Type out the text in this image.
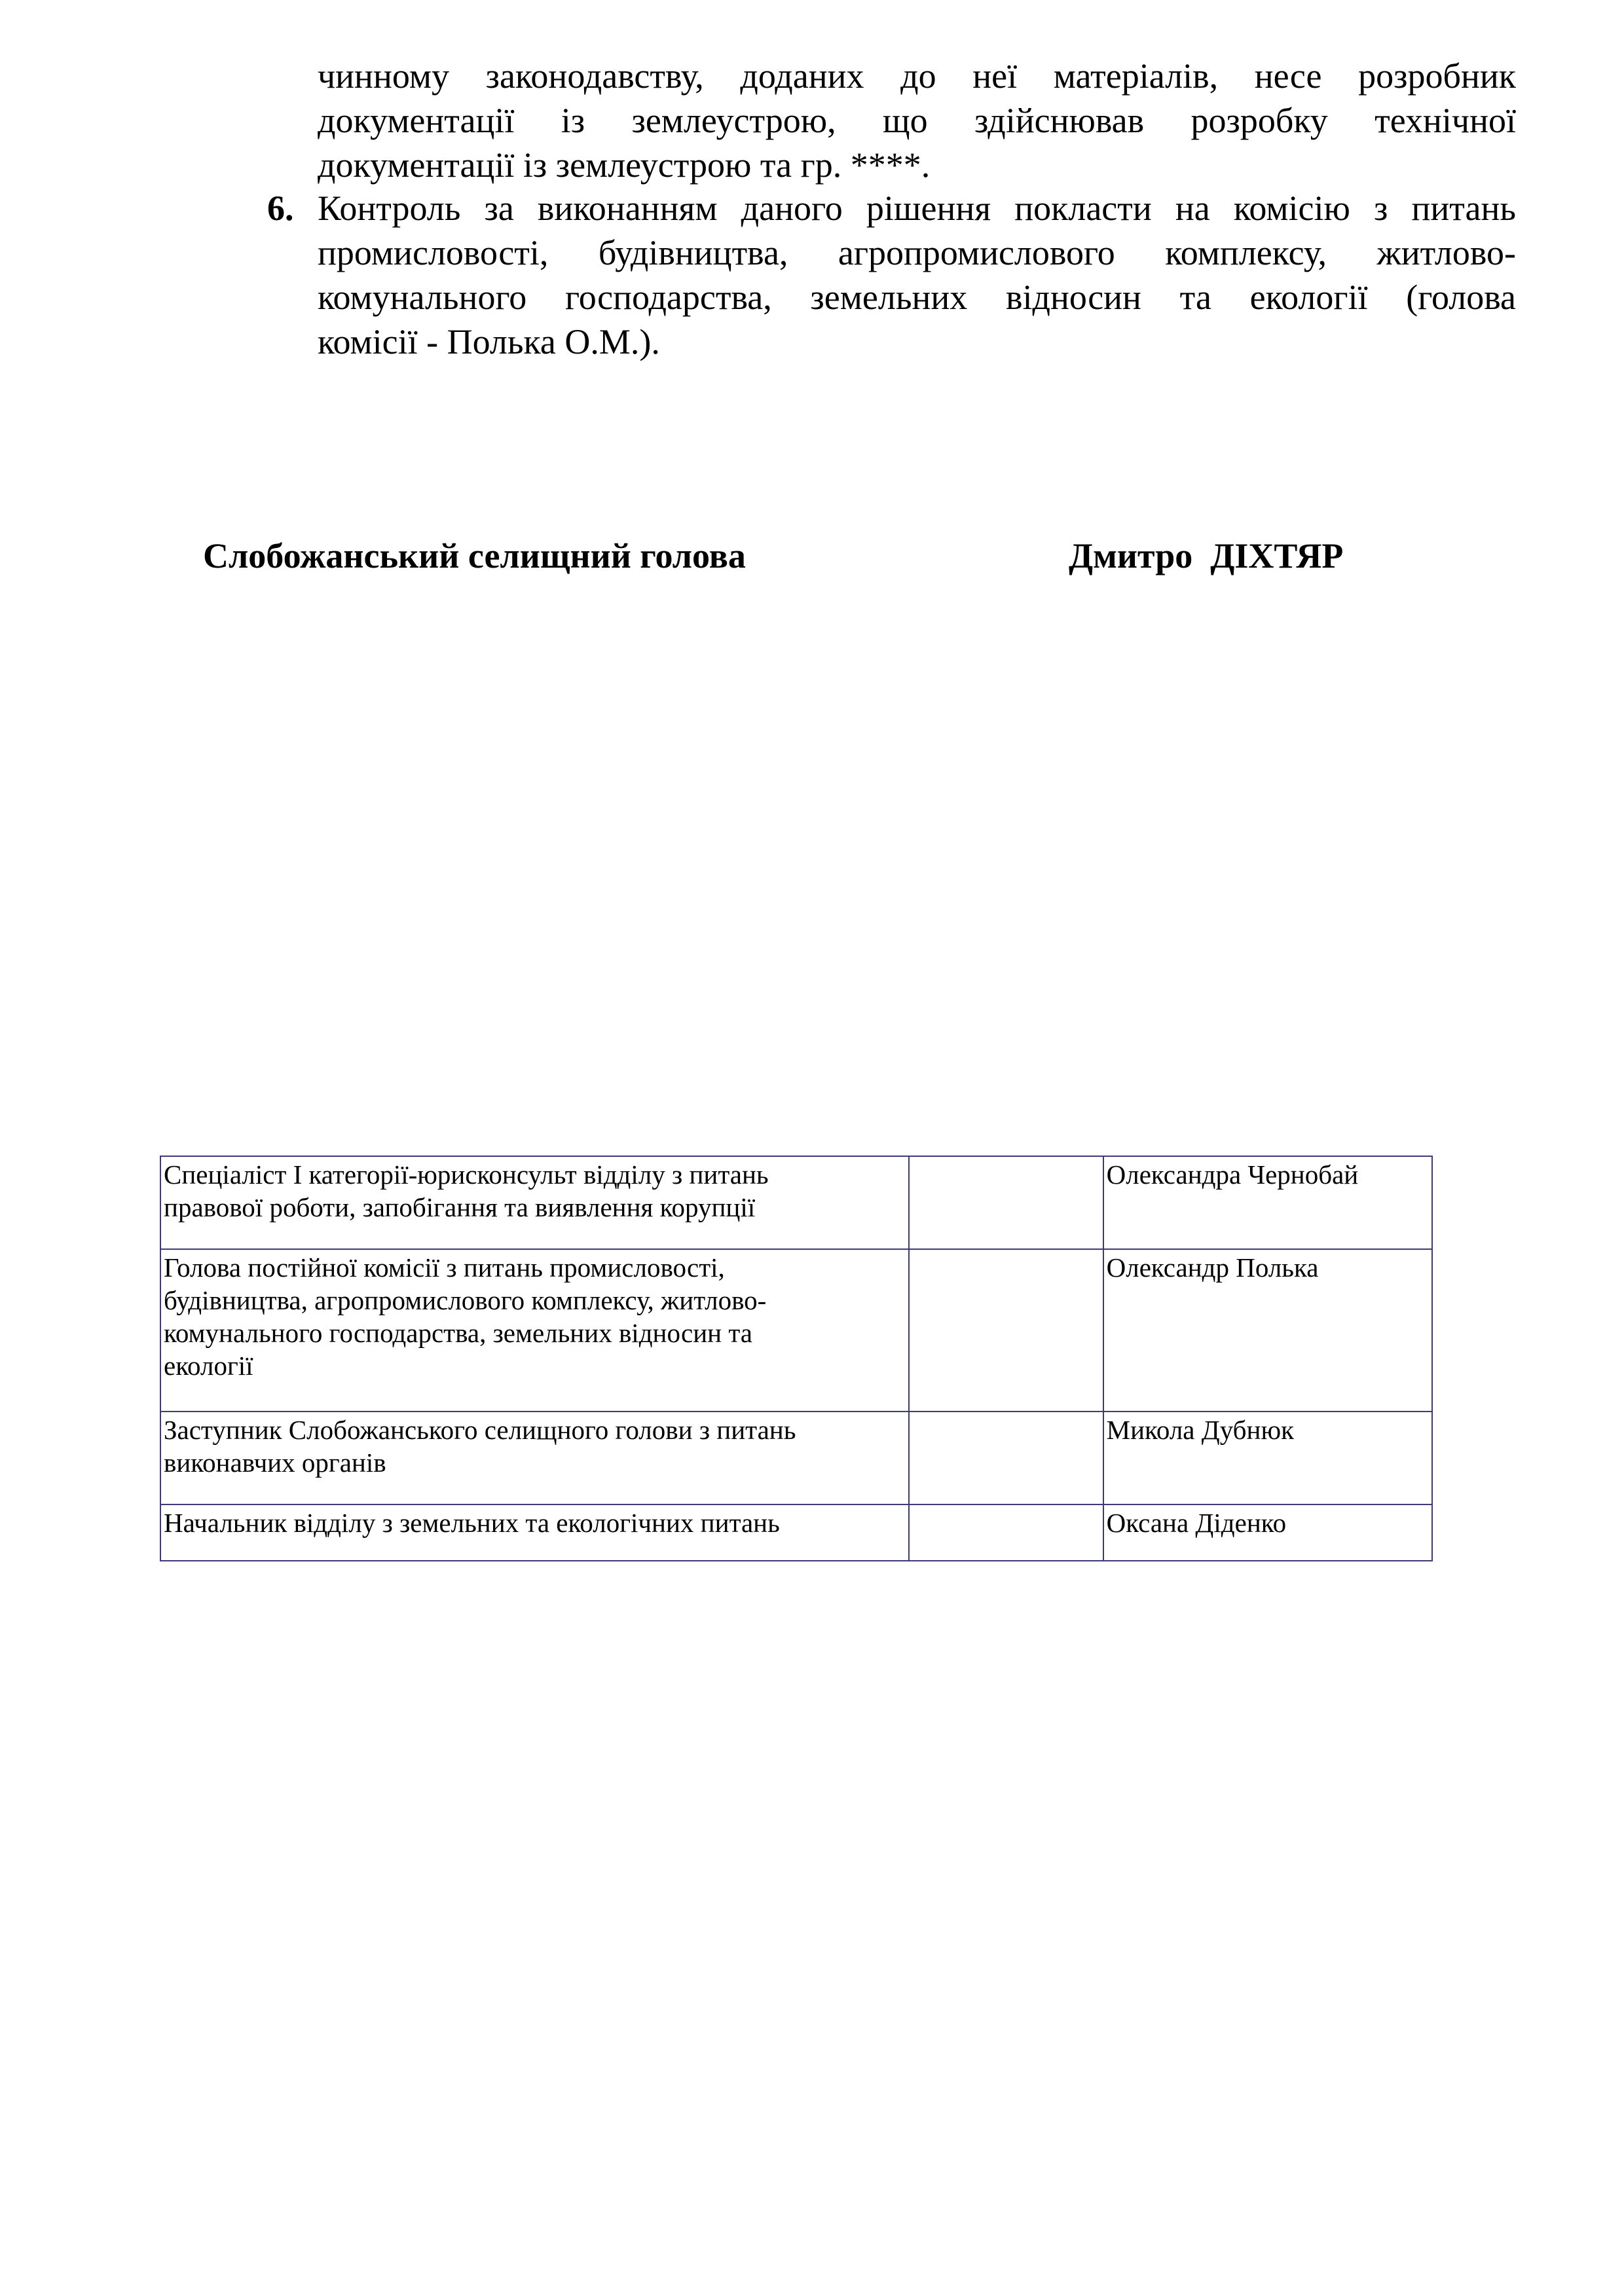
чинному законодавству, доданих до неї матеріалів, несе розробник
документації із землеустрою, що здійснював розробку технічної
документації із землеустрою та гр. ****.
6. Контроль за виконанням даного рішення покласти на комісію з питань
промисловості, будівництва, агропромислового комплексу, житлово-
комунального господарства, земельних відносин та екології (голова
комісії - Полька О.М.).
Слобожанський селищний голова	Дмитро  ДІХТЯР
Спеціаліст І категорії-юрисконсульт відділу з питань
правової роботи, запобігання та виявлення корупції		Олександра Чернобай

Голова постійної комісії з питань промисловості,
будівництва, агропромислового комплексу, житлово-
комунального господарства, земельних відносин та
екології		Олександр Полька

Заступник Слобожанського селищного голови з питань
виконавчих органів		Микола Дубнюк

Начальник відділу з земельних та екологічних питань		Оксана Діденко
